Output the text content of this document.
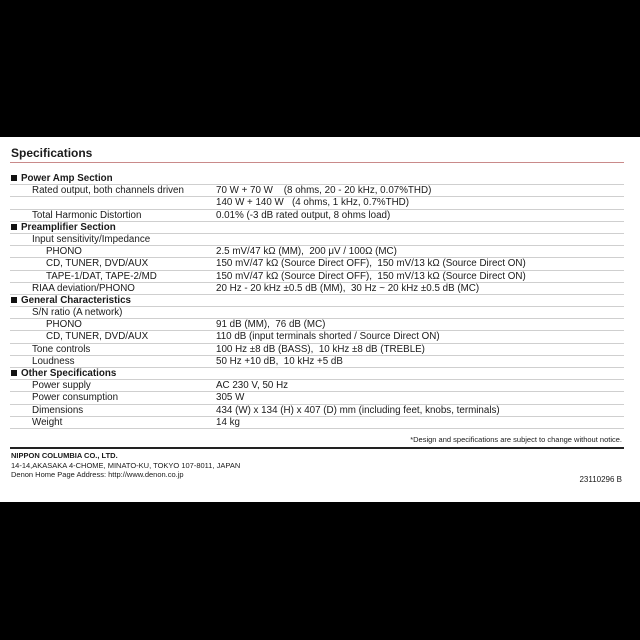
Specifications
Power Amp Section
Rated output, both channels driven	70 W + 70 W    (8 ohms, 20 - 20 kHz, 0.07%THD)
140 W + 140 W   (4 ohms, 1 kHz, 0.7%THD)
Total Harmonic Distortion	0.01% (-3 dB rated output, 8 ohms load)
Preamplifier Section
Input sensitivity/Impedance
PHONO	2.5 mV/47 kΩ (MM),  200 μV / 100Ω (MC)
CD, TUNER, DVD/AUX	150 mV/47 kΩ (Source Direct OFF),  150 mV/13 kΩ (Source Direct ON)
TAPE-1/DAT, TAPE-2/MD	150 mV/47 kΩ (Source Direct OFF),  150 mV/13 kΩ (Source Direct ON)
RIAA deviation/PHONO	20 Hz - 20 kHz ±0.5 dB (MM),  30 Hz ~ 20 kHz ±0.5 dB (MC)
General Characteristics
S/N ratio (A network)
PHONO	91 dB (MM),  76 dB (MC)
CD, TUNER, DVD/AUX	110 dB (input terminals shorted / Source Direct ON)
Tone controls	100 Hz ±8 dB (BASS),  10 kHz ±8 dB (TREBLE)
Loudness	50 Hz +10 dB,  10 kHz +5 dB
Other Specifications
Power supply	AC 230 V, 50 Hz
Power consumption	305 W
Dimensions	434 (W) x 134 (H) x 407 (D) mm (including feet, knobs, terminals)
Weight	14 kg
*Design and specifications are subject to change without notice.
NIPPON COLUMBIA CO., LTD.
14-14,AKASAKA 4-CHOME, MINATO-KU, TOKYO 107-8011, JAPAN
Denon Home Page Address: http://www.denon.co.jp
23110296 B
